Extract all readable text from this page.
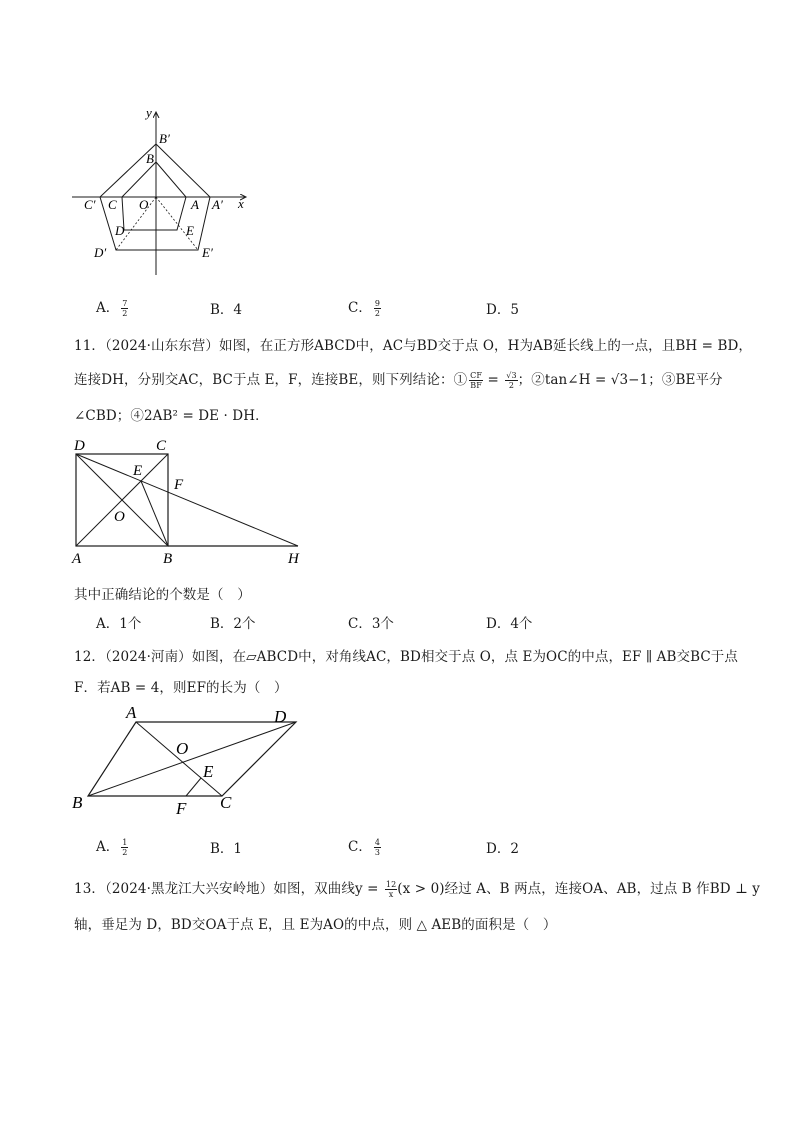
y
x
B′
B
C′ C O	A A′
D	E
D′	E′
A． $\frac{7}{2}$	B．4	C． $\frac{9}{2}$	D．5
11．（2024·山东东营）如图，在正方形ABCD中，AC与BD交于点 O，H为AB延长线上的一点，且BH = BD，
连接DH，分别交AC，BC于点 E，F，连接BE，则下列结论：① $\frac{CF}{BF} = \frac{√3}{2}$ ；②tan∠H = √3−1；③BE平分
∠CBD；④2AB² = DE · DH．
D	C
E
F
O
A	B	H
其中正确结论的个数是（　）
A．1个	B．2个	C．3个	D．4个
12．（2024·河南）如图，在▱ABCD中，对角线AC，BD相交于点 O，点 E为OC的中点，EF ∥ AB交BC于点
F．若AB = 4，则EF的长为（　）
A	D
O
E
B	F C
A． $\frac{1}{2}$	B．1	C． $\frac{4}{3}$	D．2
13．（2024·黑龙江大兴安岭地）如图，双曲线$y = \frac{12}{x} (x > 0)$经过 A、B 两点，连接OA、AB，过点 B 作BD ⊥ y
轴，垂足为 D，BD交OA于点 E，且 E为AO的中点，则 △ AEB的面积是（　）
